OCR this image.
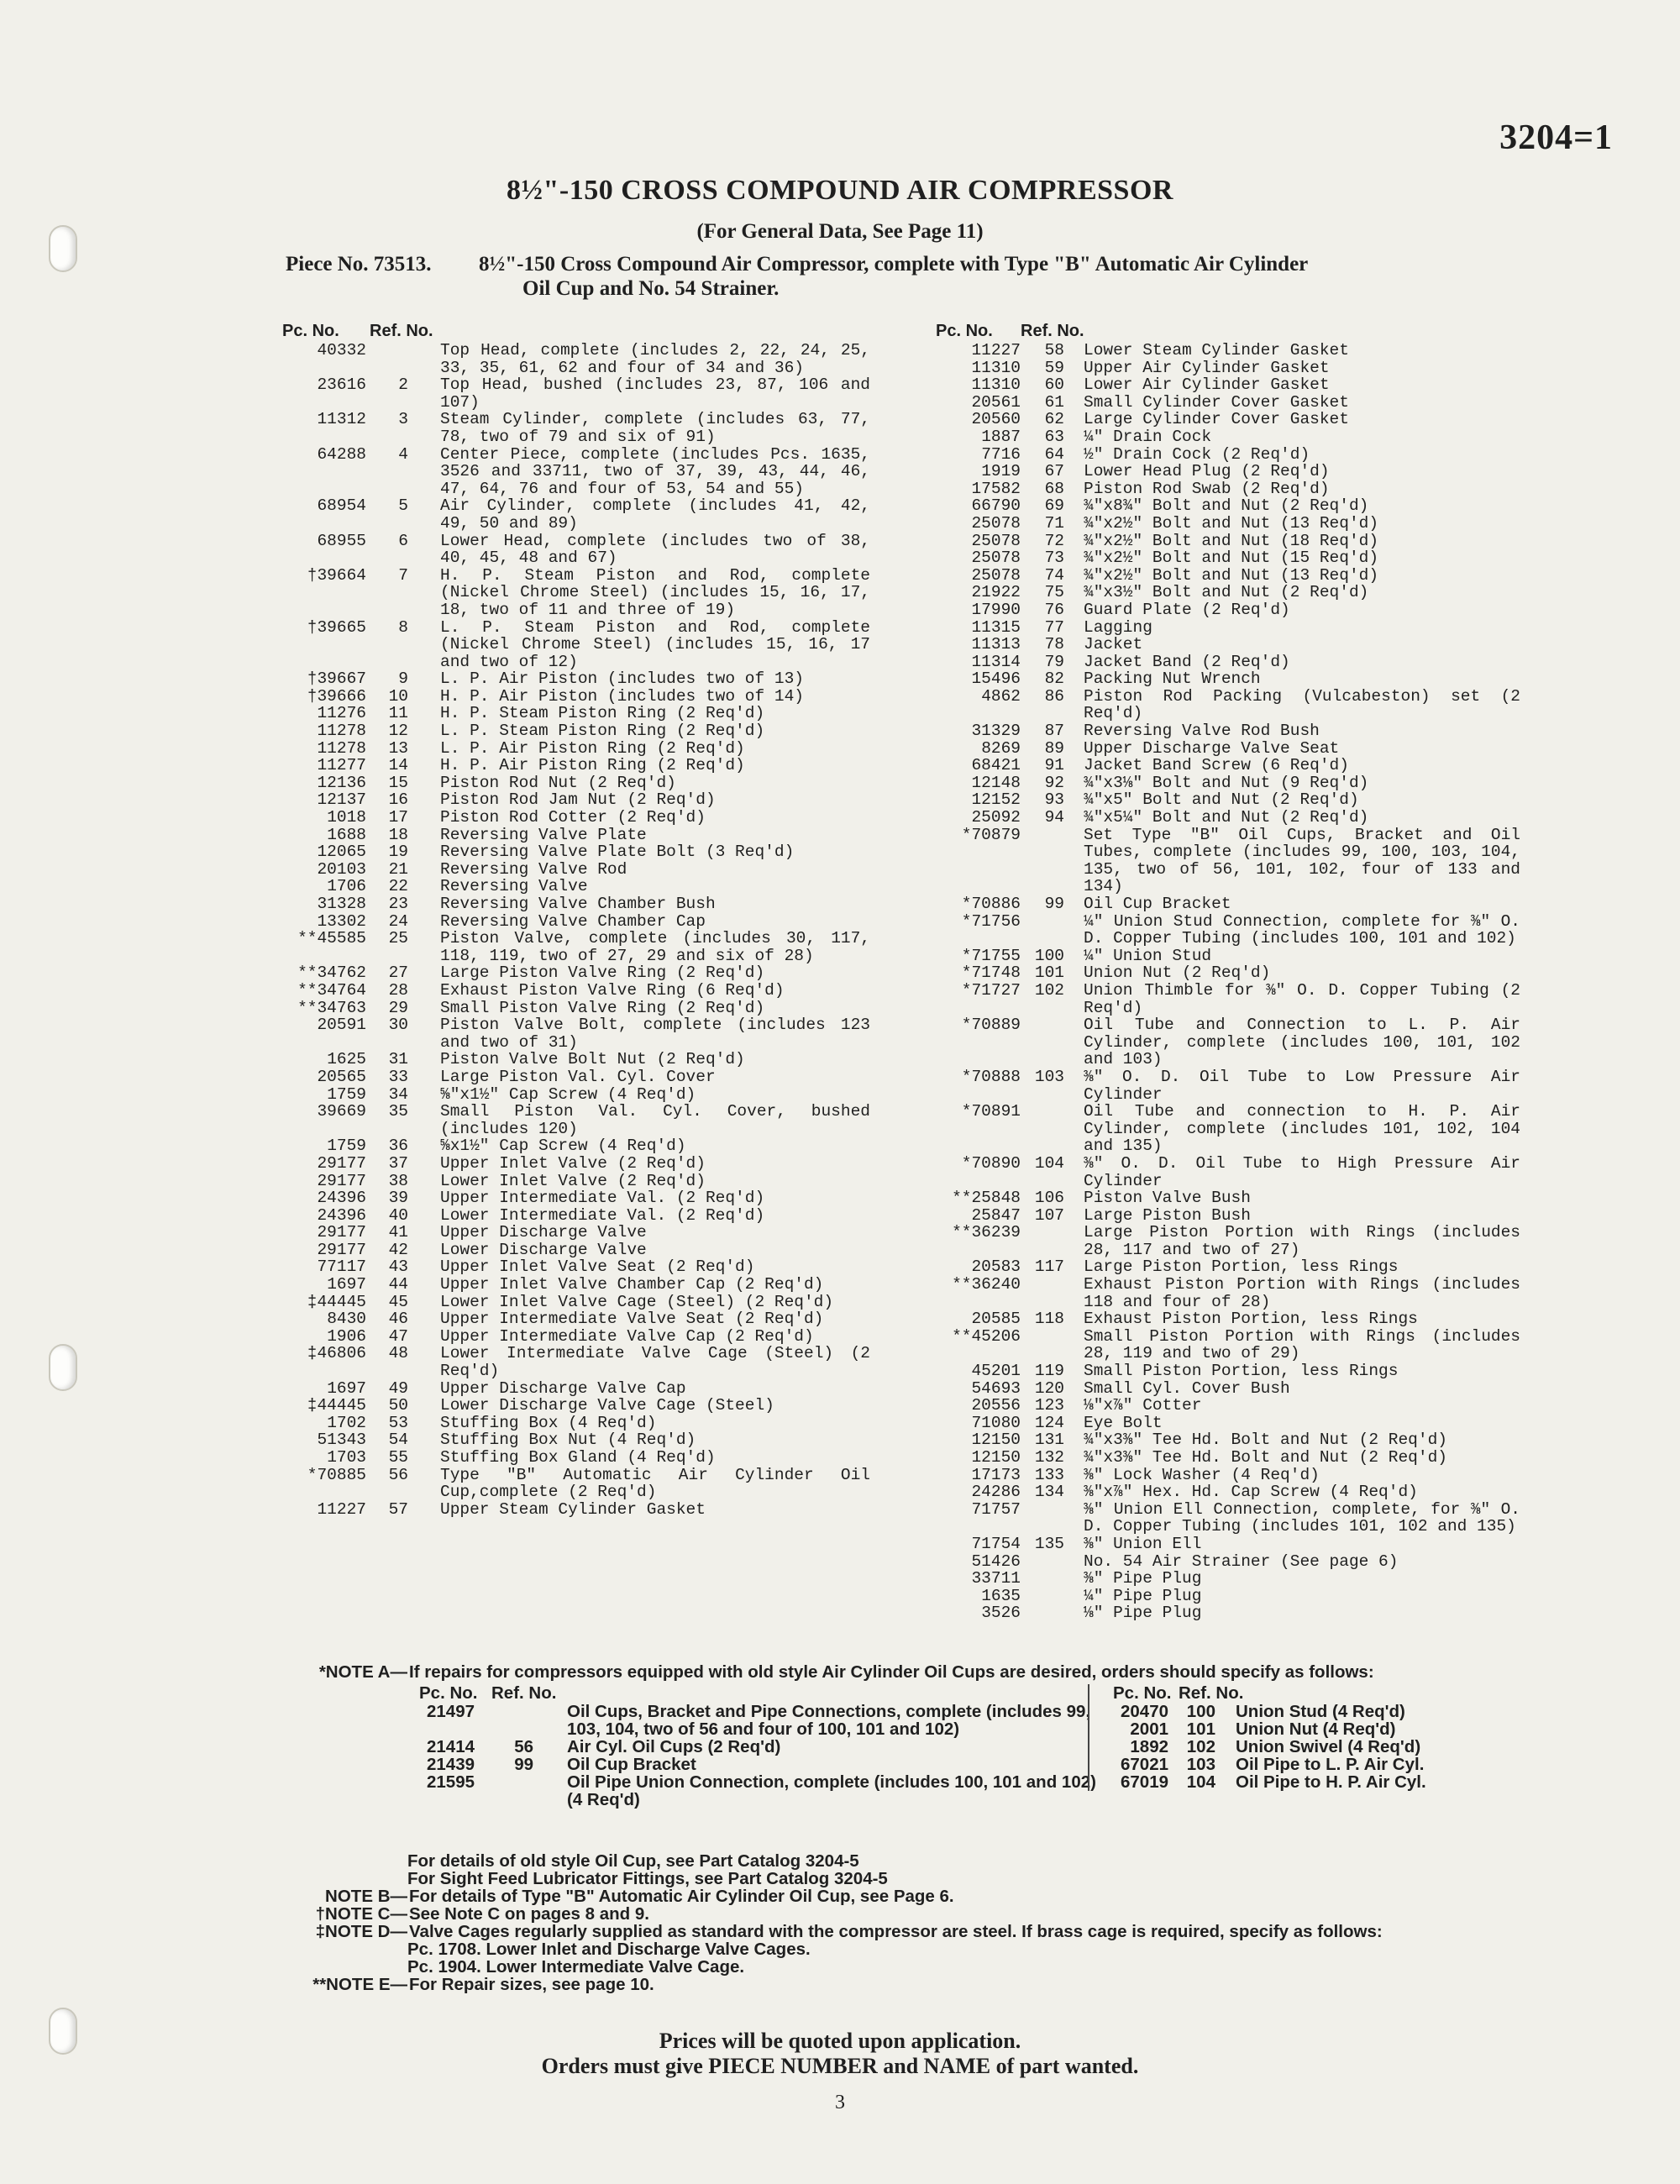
3204=1
8½"-150 CROSS COMPOUND AIR COMPRESSOR
(For General Data, See Page 11)
Piece No. 73513. 8½"-150 Cross Compound Air Compressor, complete with Type "B" Automatic Air Cylinder
Oil Cup and No. 54 Strainer.
Pc. No. Ref. No.
40332	Top Head, complete (includes 2, 22, 24, 25, 33, 35, 61, 62 and four of 34 and 36)
23616	2 Top Head, bushed (includes 23, 87, 106 and 107)
11312	3 Steam Cylinder, complete (includes 63, 77, 78, two of 79 and six of 91)
64288	4 Center Piece, complete (includes Pcs. 1635, 3526 and 33711, two of 37, 39, 43, 44, 46, 47, 64, 76 and four of 53, 54 and 55)
68954	5 Air Cylinder, complete (includes 41, 42, 49, 50 and 89)
68955	6 Lower Head, complete (includes two of 38, 40, 45, 48 and 67)
†39664	7 H. P. Steam Piston and Rod, complete (Nickel Chrome Steel) (includes 15, 16, 17, 18, two of 11 and three of 19)
†39665	8 L. P. Steam Piston and Rod, complete (Nickel Chrome Steel) (includes 15, 16, 17 and two of 12)
†39667	9 L. P. Air Piston (includes two of 13)
†39666	10 H. P. Air Piston (includes two of 14)
11276	11 H. P. Steam Piston Ring (2 Req'd)
11278	12 L. P. Steam Piston Ring (2 Req'd)
11278	13 L. P. Air Piston Ring (2 Req'd)
11277	14 H. P. Air Piston Ring (2 Req'd)
12136	15 Piston Rod Nut (2 Req'd)
12137	16 Piston Rod Jam Nut (2 Req'd)
1018	17 Piston Rod Cotter (2 Req'd)
1688	18 Reversing Valve Plate
12065	19 Reversing Valve Plate Bolt (3 Req'd)
20103	21 Reversing Valve Rod
1706	22 Reversing Valve
31328	23 Reversing Valve Chamber Bush
13302	24 Reversing Valve Chamber Cap
**45585	25 Piston Valve, complete (includes 30, 117, 118, 119, two of 27, 29 and six of 28)
**34762	27 Large Piston Valve Ring (2 Req'd)
**34764	28 Exhaust Piston Valve Ring (6 Req'd)
**34763	29 Small Piston Valve Ring (2 Req'd)
20591	30 Piston Valve Bolt, complete (includes 123 and two of 31)
1625	31 Piston Valve Bolt Nut (2 Req'd)
20565	33 Large Piston Val. Cyl. Cover
1759	34 ⅝"x1½" Cap Screw (4 Req'd)
39669	35 Small Piston Val. Cyl. Cover, bushed (includes 120)
1759	36 ⅝x1½" Cap Screw (4 Req'd)
29177	37 Upper Inlet Valve (2 Req'd)
29177	38 Lower Inlet Valve (2 Req'd)
24396	39 Upper Intermediate Val. (2 Req'd)
24396	40 Lower Intermediate Val. (2 Req'd)
29177	41 Upper Discharge Valve
29177	42 Lower Discharge Valve
77117	43 Upper Inlet Valve Seat (2 Req'd)
1697	44 Upper Inlet Valve Chamber Cap (2 Req'd)
‡44445	45 Lower Inlet Valve Cage (Steel) (2 Req'd)
8430	46 Upper Intermediate Valve Seat (2 Req'd)
1906	47 Upper Intermediate Valve Cap (2 Req'd)
‡46806	48 Lower Intermediate Valve Cage (Steel) (2 Req'd)
1697	49 Upper Discharge Valve Cap
‡44445	50 Lower Discharge Valve Cage (Steel)
1702	53 Stuffing Box (4 Req'd)
51343	54 Stuffing Box Nut (4 Req'd)
1703	55 Stuffing Box Gland (4 Req'd)
*70885	56 Type "B" Automatic Air Cylinder Oil Cup,complete (2 Req'd)
11227	57 Upper Steam Cylinder Gasket
Pc. No. Ref. No.
11227	58 Lower Steam Cylinder Gasket
11310	59 Upper Air Cylinder Gasket
11310	60 Lower Air Cylinder Gasket
20561	61 Small Cylinder Cover Gasket
20560	62 Large Cylinder Cover Gasket
1887	63 ¼" Drain Cock
7716	64 ½" Drain Cock (2 Req'd)
1919	67 Lower Head Plug (2 Req'd)
17582	68 Piston Rod Swab (2 Req'd)
66790	69 ¾"x8¾" Bolt and Nut (2 Req'd)
25078	71 ¾"x2½" Bolt and Nut (13 Req'd)
25078	72 ¾"x2½" Bolt and Nut (18 Req'd)
25078	73 ¾"x2½" Bolt and Nut (15 Req'd)
25078	74 ¾"x2½" Bolt and Nut (13 Req'd)
21922	75 ¾"x3½" Bolt and Nut (2 Req'd)
17990	76 Guard Plate (2 Req'd)
11315	77 Lagging
11313	78 Jacket
11314	79 Jacket Band (2 Req'd)
15496	82 Packing Nut Wrench
4862	86 Piston Rod Packing (Vulcabeston) set (2 Req'd)
31329	87 Reversing Valve Rod Bush
8269	89 Upper Discharge Valve Seat
68421	91 Jacket Band Screw (6 Req'd)
12148	92 ¾"x3⅛" Bolt and Nut (9 Req'd)
12152	93 ¾"x5" Bolt and Nut (2 Req'd)
25092	94 ¾"x5¼" Bolt and Nut (2 Req'd)
*70879	Set Type "B" Oil Cups, Bracket and Oil Tubes, complete (includes 99, 100, 103, 104, 135, two of 56, 101, 102, four of 133 and 134)
*70886	99 Oil Cup Bracket
*71756	¼" Union Stud Connection, complete for ⅜" O. D. Copper Tubing (includes 100, 101 and 102)
*71755 100 ¼" Union Stud
*71748 101 Union Nut (2 Req'd)
*71727 102 Union Thimble for ⅜" O. D. Copper Tubing (2 Req'd)
*70889	Oil Tube and Connection to L. P. Air Cylinder, complete (includes 100, 101, 102 and 103)
*70888 103 ⅜" O. D. Oil Tube to Low Pressure Air Cylinder
*70891	Oil Tube and connection to H. P. Air Cylinder, complete (includes 101, 102, 104 and 135)
*70890 104 ⅜" O. D. Oil Tube to High Pressure Air Cylinder
**25848 106 Piston Valve Bush
25847 107 Large Piston Bush
**36239	Large Piston Portion with Rings (includes 28, 117 and two of 27)
20583 117 Large Piston Portion, less Rings
**36240	Exhaust Piston Portion with Rings (includes 118 and four of 28)
20585 118 Exhaust Piston Portion, less Rings
**45206	Small Piston Portion with Rings (includes 28, 119 and two of 29)
45201 119 Small Piston Portion, less Rings
54693 120 Small Cyl. Cover Bush
20556 123 ⅛"x⅞" Cotter
71080 124 Eye Bolt
12150 131 ¾"x3⅜" Tee Hd. Bolt and Nut (2 Req'd)
12150 132 ¾"x3⅜" Tee Hd. Bolt and Nut (2 Req'd)
17173 133 ⅜" Lock Washer (4 Req'd)
24286 134 ⅜"x⅞" Hex. Hd. Cap Screw (4 Req'd)
71757	⅜" Union Ell Connection, complete, for ⅜" O. D. Copper Tubing (includes 101, 102 and 135)
71754 135 ⅜" Union Ell
51426	No. 54 Air Strainer (See page 6)
33711	⅜" Pipe Plug
1635	¼" Pipe Plug
3526	⅛" Pipe Plug
*NOTE A— If repairs for compressors equipped with old style Air Cylinder Oil Cups are desired, orders should specify as follows:
Pc. No. Ref. No.
21497	Oil Cups, Bracket and Pipe Connections, complete (includes 99, 103, 104, two of 56 and four of 100, 101 and 102)
21414	56 Air Cyl. Oil Cups (2 Req'd)
21439	99 Oil Cup Bracket
21595	Oil Pipe Union Connection, complete (includes 100, 101 and 102) (4 Req'd)
Pc. No. Ref. No.
20470	100 Union Stud (4 Req'd)
2001	101 Union Nut (4 Req'd)
1892	102 Union Swivel (4 Req'd)
67021	103 Oil Pipe to L. P. Air Cyl.
67019	104 Oil Pipe to H. P. Air Cyl.
For details of old style Oil Cup, see Part Catalog 3204-5
For Sight Feed Lubricator Fittings, see Part Catalog 3204-5
NOTE B— For details of Type "B" Automatic Air Cylinder Oil Cup, see Page 6.
†NOTE C— See Note C on pages 8 and 9.
‡NOTE D— Valve Cages regularly supplied as standard with the compressor are steel. If brass cage is required, specify as follows:
Pc. 1708. Lower Inlet and Discharge Valve Cages.
Pc. 1904. Lower Intermediate Valve Cage.
**NOTE E— For Repair sizes, see page 10.
Prices will be quoted upon application.
Orders must give PIECE NUMBER and NAME of part wanted.
3
